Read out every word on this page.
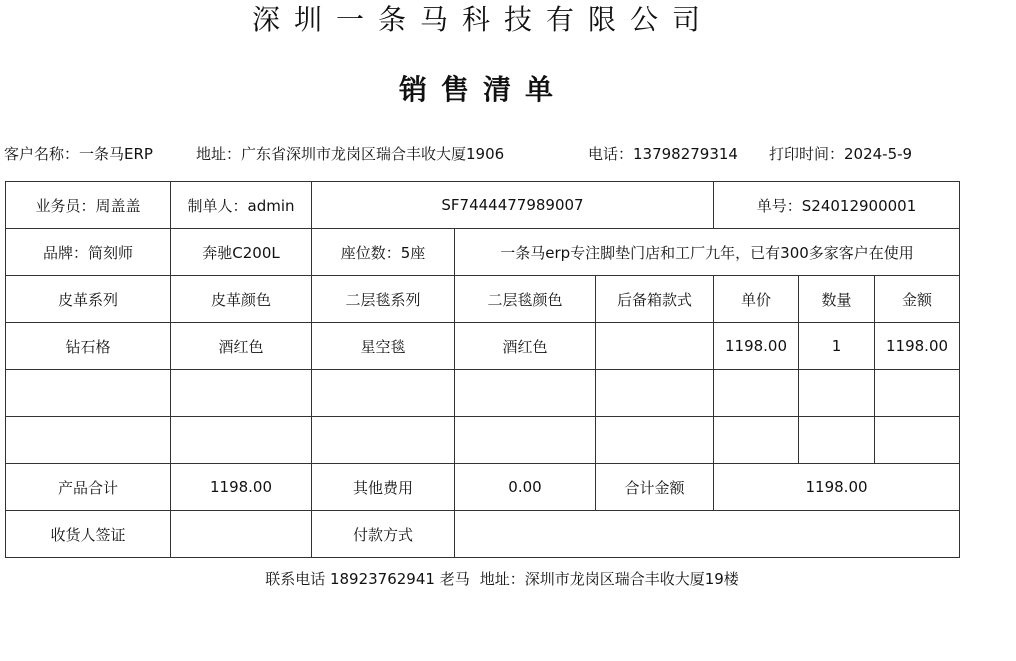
深圳一条马科技有限公司
销售清单
客户名称：一条马ERP	地址：广东省深圳市龙岗区瑞合丰收大厦1906	电话：13798279314 打印时间：2024-5-9
业务员：周盖盖	制单人：admin	SF7444477989007			单号：S24012900001		
品牌：简刻师	奔驰C200L	座位数：5座	一条马erp专注脚垫门店和工厂九年，已有300多家客户在使用				
皮革系列	皮革颜色	二层毯系列	二层毯颜色	后备箱款式	单价	数量	金额
钻石格	酒红色	星空毯	酒红色		1198.00	1	1198.00

产品合计	1198.00	其他费用	0.00	合计金额	1198.00		
收货人签证		付款方式					
联系电话 18923762941 老马 地址：深圳市龙岗区瑞合丰收大厦19楼
